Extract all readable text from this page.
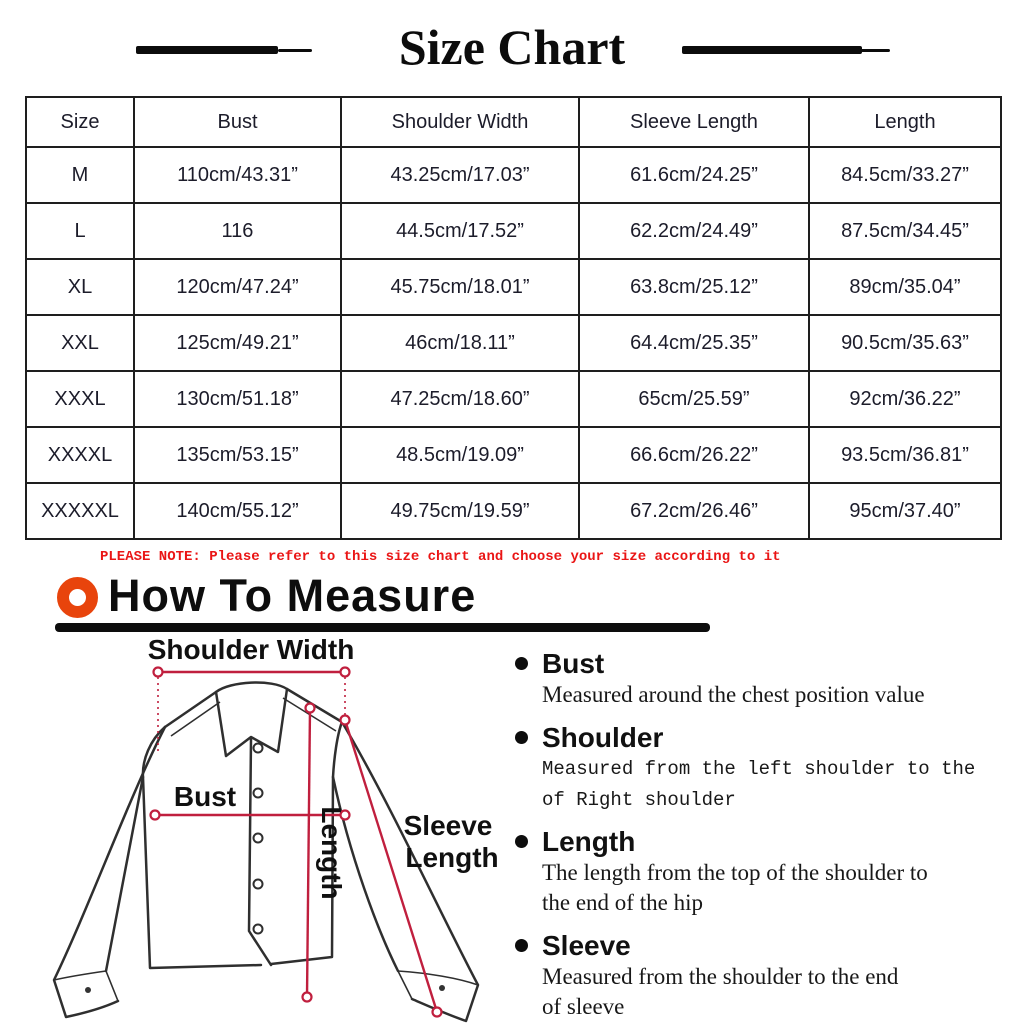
Size Chart
Size	Bust	Shoulder Width	Sleeve Length	Length
M	110cm/43.31”	43.25cm/17.03”	61.6cm/24.25”	84.5cm/33.27”
L	116	44.5cm/17.52”	62.2cm/24.49”	87.5cm/34.45”
XL	120cm/47.24”	45.75cm/18.01”	63.8cm/25.12”	89cm/35.04”
XXL	125cm/49.21”	46cm/18.11”	64.4cm/25.35”	90.5cm/35.63”
XXXL	130cm/51.18”	47.25cm/18.60”	65cm/25.59”	92cm/36.22”
XXXXL	135cm/53.15”	48.5cm/19.09”	66.6cm/26.22”	93.5cm/36.81”
XXXXXL	140cm/55.12”	49.75cm/19.59”	67.2cm/26.46”	95cm/37.40”
PLEASE NOTE: Please refer to this size chart and choose your size according to it
How To Measure
Shoulder Width
Bust
Length Sleeve
Length
Bust
Measured around the chest position value
Shoulder
Measured from the left shoulder to the
of Right shoulder
Length
The length from the top of the shoulder to
the end of the hip
Sleeve
Measured from the shoulder to the end
of sleeve
